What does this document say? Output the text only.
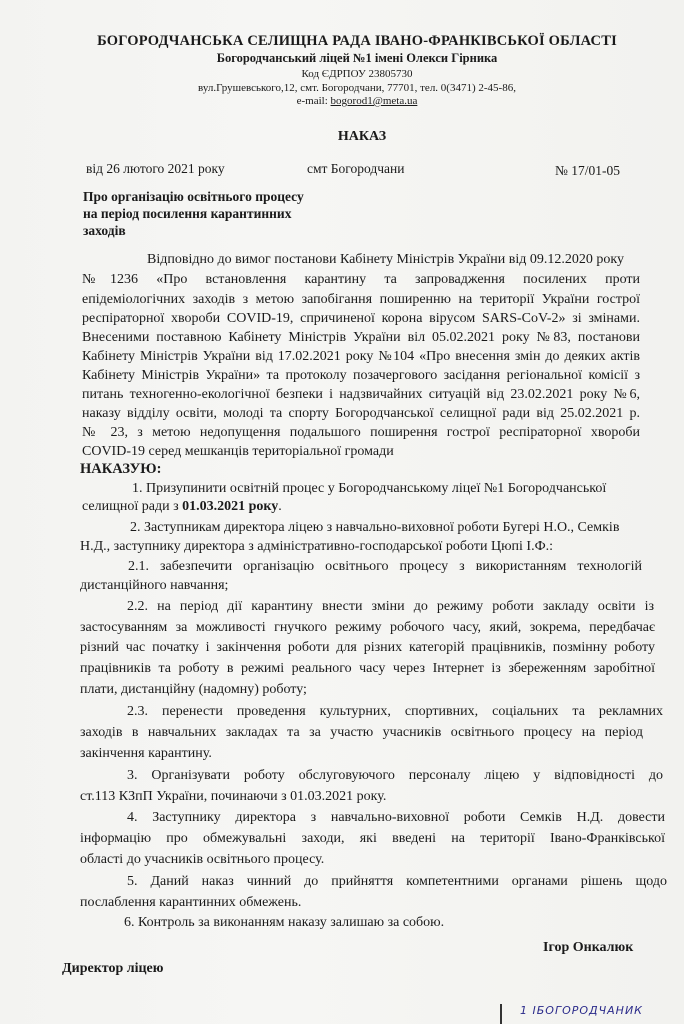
БОГОРОДЧАНСЬКА СЕЛИЩНА РАДА ІВАНО-ФРАНКІВСЬКОЇ ОБЛАСТІ
Богородчанський ліцей №1 імені Олекси Гірника
Код ЄДРПОУ 23805730
вул.Грушевського,12, смт. Богородчани, 77701, тел. 0(3471) 2-45-86,
e-mail: bogorod1@meta.ua
НАКАЗ
від 26 лютого 2021 року	смт Богородчани	№ 17/01-05
Про організацію освітнього процесу на період посилення карантинних заходів
Відповідно до вимог постанови Кабінету Міністрів України від 09.12.2020 року
№1236 «Про встановлення карантину та запровадження посилених проти
епідеміологічних заходів з метою запобігання поширенню на території України гострої
респіраторної хвороби COVID-19, спричиненої корона вірусом SARS-CoV-2» зі змінами.
Внесеними поставною Кабінету Міністрів України віл 05.02.2021 року №83, постанови
Кабінету Міністрів України від 17.02.2021 року №104 «Про внесення змін до деяких актів
Кабінету Міністрів України» та протоколу позачергового засідання регіональної комісії з
питань техногенно-екологічної безпеки і надзвичайних ситуацій від 23.02.2021 року №6,
наказу відділу освіти, молоді та спорту Богородчанської селищної ради від 25.02.2021 р.
№ 23, з метою недопущення подальшого поширення гострої респіраторної хвороби
COVID-19 серед мешканців територіальної громади
НАКАЗУЮ:
1. Призупинити освітній процес у Богородчанському ліцеї №1 Богородчанської
селищної ради з 01.03.2021 року.
2. Заступникам директора ліцею з навчально-виховної роботи Бугері Н.О., Семків
Н.Д., заступнику директора з адміністративно-господарської роботи Цюпі І.Ф.:
2.1. забезпечити організацію освітнього процесу з використанням технологій
дистанційного навчання;
2.2. на період дії карантину внести зміни до режиму роботи закладу освіти із
застосуванням за можливості гнучкого режиму робочого часу, який, зокрема, передбачає
різний час початку і закінчення роботи для різних категорій працівників, позмінну роботу
працівників та роботу в режимі реального часу через Інтернет із збереженням заробітної
плати, дистанційну (надомну) роботу;
2.3. перенести проведення культурних, спортивних, соціальних та рекламних
заходів в навчальних закладах та за участю учасників освітнього процесу на період
закінчення карантину.
3. Організувати роботу обслуговуючого персоналу ліцею у відповідності до
ст.113 КЗпП України, починаючи з 01.03.2021 року.
4. Заступнику директора з навчально-виховної роботи Семків Н.Д. довести
інформацію про обмежувальні заходи, які введені на території Івано-Франківської
області до учасників освітнього процесу.
5. Даний наказ чинний до прийняття компетентними органами рішень щодо
послаблення карантинних обмежень.
6. Контроль за виконанням наказу залишаю за собою.
Ігор Онкалюк
Директор ліцею
1 ІБОГОРОДЧАНИК
